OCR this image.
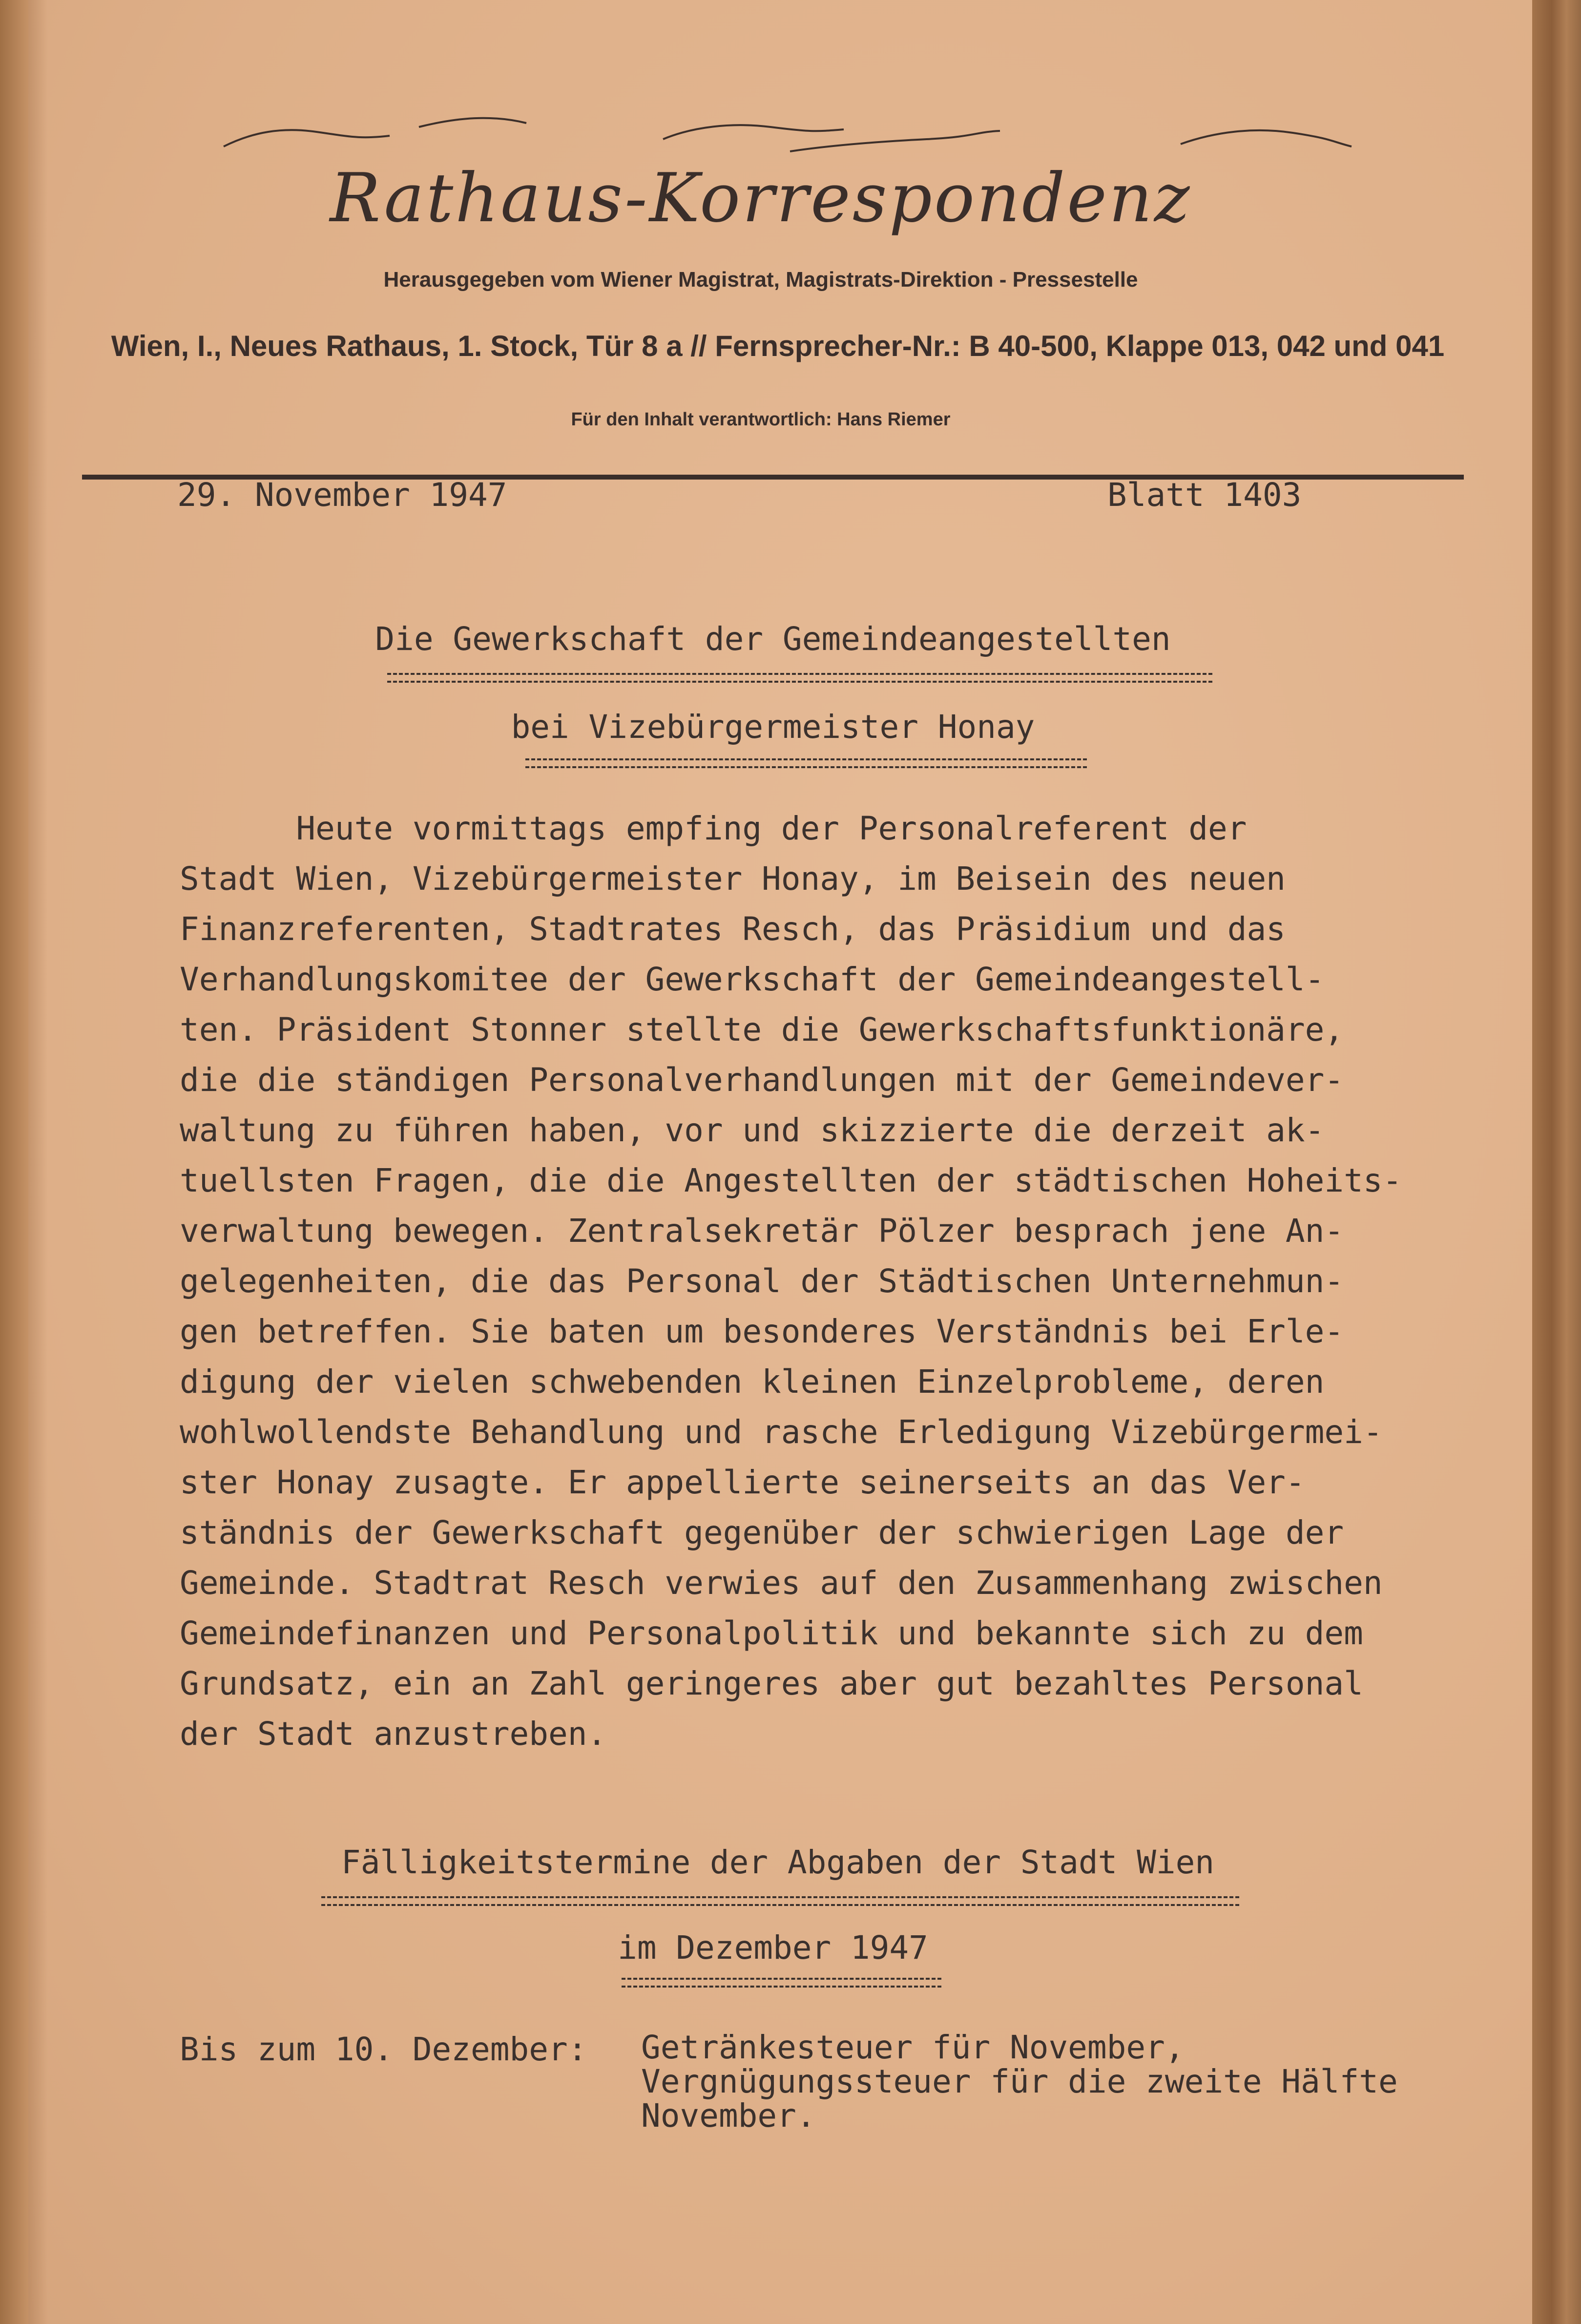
Rathaus-Korrespondenz
Herausgegeben vom Wiener Magistrat, Magistrats-Direktion - Pressestelle
Wien, I., Neues Rathaus, 1. Stock, Tür 8 a // Fernsprecher-Nr.: B 40-500, Klappe 013, 042 und 041
Für den Inhalt verantwortlich: Hans Riemer
29. November 1947	Blatt 1403
Die Gewerkschaft der Gemeindeangestellten
bei Vizebürgermeister Honay
Heute vormittags empfing der Personalreferent der
Stadt Wien, Vizebürgermeister Honay, im Beisein des neuen
Finanzreferenten, Stadtrates Resch, das Präsidium und das
Verhandlungskomitee der Gewerkschaft der Gemeindeangestell-
ten. Präsident Stonner stellte die Gewerkschaftsfunktionäre,
die die ständigen Personalverhandlungen mit der Gemeindever-
waltung zu führen haben, vor und skizzierte die derzeit ak-
tuellsten Fragen, die die Angestellten der städtischen Hoheits-
verwaltung bewegen. Zentralsekretär Pölzer besprach jene An-
gelegenheiten, die das Personal der Städtischen Unternehmun-
gen betreffen. Sie baten um besonderes Verständnis bei Erle-
digung der vielen schwebenden kleinen Einzelprobleme, deren
wohlwollendste Behandlung und rasche Erledigung Vizebürgermei-
ster Honay zusagte. Er appellierte seinerseits an das Ver-
ständnis der Gewerkschaft gegenüber der schwierigen Lage der
Gemeinde. Stadtrat Resch verwies auf den Zusammenhang zwischen
Gemeindefinanzen und Personalpolitik und bekannte sich zu dem
Grundsatz, ein an Zahl geringeres aber gut bezahltes Personal
der Stadt anzustreben.
Fälligkeitstermine der Abgaben der Stadt Wien
im Dezember 1947
Bis zum 10. Dezember: Getränkesteuer für November,
Vergnügungssteuer für die zweite Hälfte
November.
